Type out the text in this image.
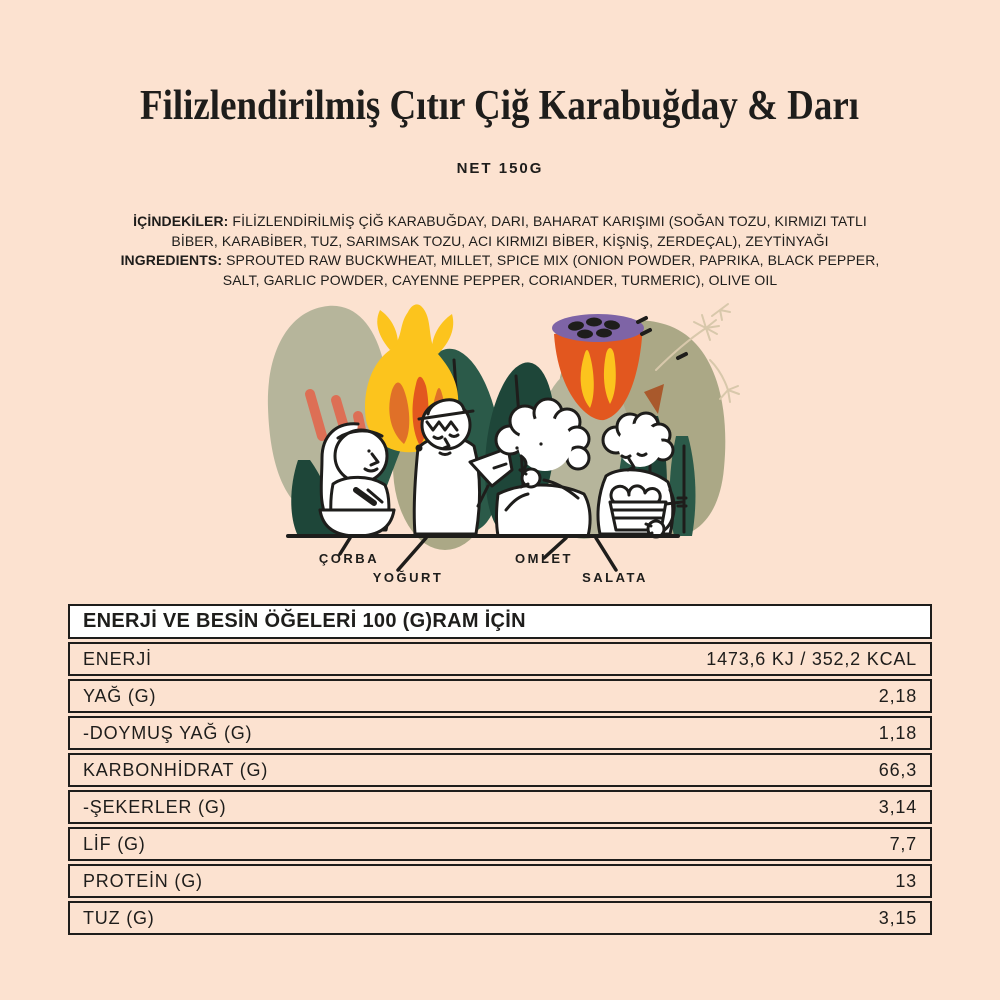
Filizlendirilmiş Çıtır Çiğ Karabuğday & Darı
NET 150G
İÇİNDEKİLER: FİLİZLENDİRİLMİŞ ÇİĞ KARABUĞDAY, DARI, BAHARAT KARIŞIMI (SOĞAN TOZU, KIRMIZI TATLI
BİBER, KARABİBER, TUZ, SARIMSAK TOZU, ACI KIRMIZI BİBER, KİŞNİŞ, ZERDEÇAL), ZEYTİNYAĞI
INGREDIENTS: SPROUTED RAW BUCKWHEAT, MILLET, SPICE MIX (ONION POWDER, PAPRIKA, BLACK PEPPER,
SALT, GARLIC POWDER, CAYENNE PEPPER, CORIANDER, TURMERIC), OLIVE OIL
ÇORBA
YOĞURT
OMLET
SALATA
ENERJİ VE BESİN ÖĞELERİ 100 (G)RAM İÇİN
ENERJİ	1473,6 KJ / 352,2 KCAL
YAĞ (G)	2,18
-DOYMUŞ YAĞ (G)	1,18
KARBONHİDRAT (G)	66,3
-ŞEKERLER (G)	3,14
LİF (G)	7,7
PROTEİN (G)	13
TUZ (G)	3,15
